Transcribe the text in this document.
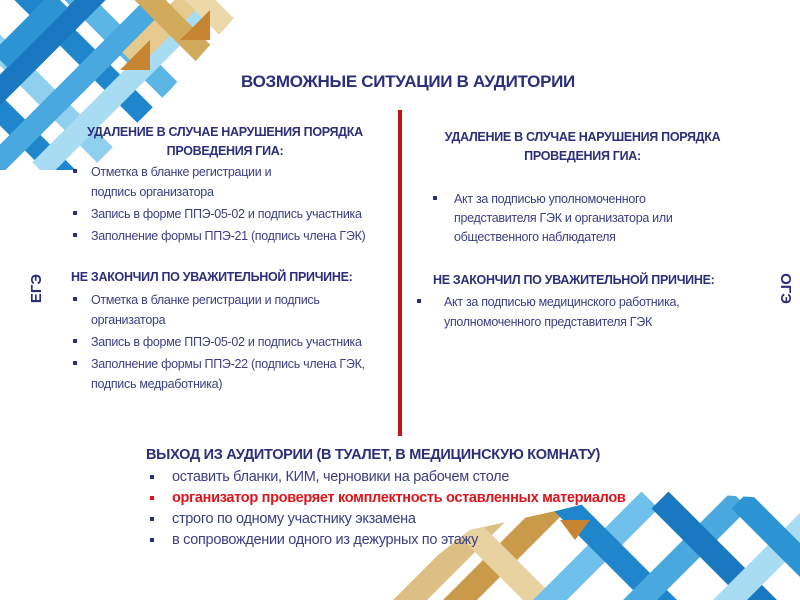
ВОЗМОЖНЫЕ СИТУАЦИИ В АУДИТОРИИ
ЕГЭ	ОГЭ
УДАЛЕНИЕ В СЛУЧАЕ НАРУШЕНИЯ ПОРЯДКА ПРОВЕДЕНИЯ ГИА:
Отметка в бланке регистрации и подпись организатора
Запись в форме ППЭ-05-02 и подпись участника
Заполнение формы ППЭ-21 (подпись члена ГЭК)
НЕ ЗАКОНЧИЛ ПО УВАЖИТЕЛЬНОЙ ПРИЧИНЕ:
Отметка в бланке регистрации и подпись организатора
Запись в форме ППЭ-05-02 и подпись участника
Заполнение формы ППЭ-22 (подпись члена ГЭК, подпись медработника)
УДАЛЕНИЕ В СЛУЧАЕ НАРУШЕНИЯ ПОРЯДКА ПРОВЕДЕНИЯ ГИА:
Акт за подписью уполномоченного представителя ГЭК и организатора или общественного наблюдателя
НЕ ЗАКОНЧИЛ ПО УВАЖИТЕЛЬНОЙ ПРИЧИНЕ:
Акт за подписью медицинского работника, уполномоченного представителя ГЭК
ВЫХОД ИЗ АУДИТОРИИ (В ТУАЛЕТ, В МЕДИЦИНСКУЮ КОМНАТУ)
оставить бланки, КИМ, черновики на рабочем столе
организатор проверяет комплектность оставленных материалов
строго по одному участнику экзамена
в сопровождении одного из дежурных по этажу
